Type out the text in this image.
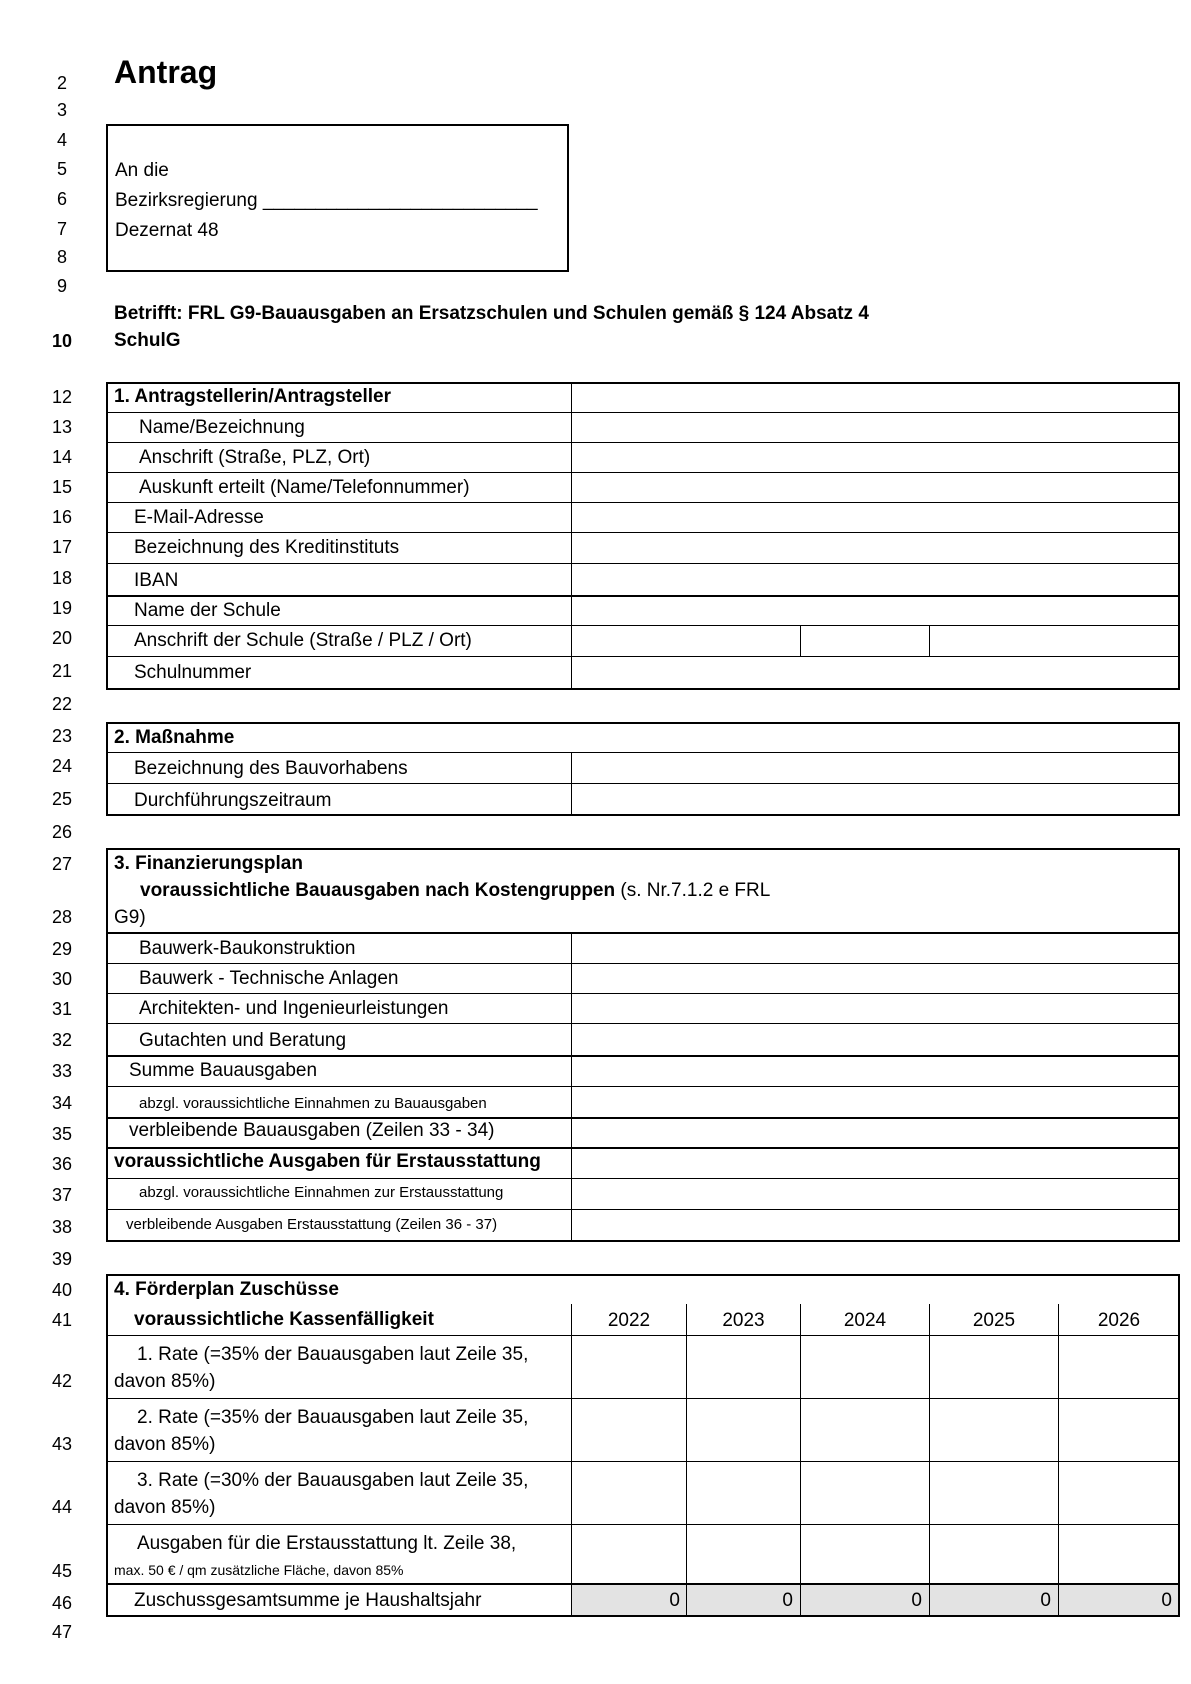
Antrag
2
3
4
5
6
7
8
9
10
12
13
14
15
16
17
18
19
20
21
22
23
24
25
26
27
28
29
30
31
32
33
34
35
36
37
38
39
40
41
42
43
44
45
46
47
An die
Bezirksregierung __________________________
Dezernat 48
Betrifft: FRL G9-Bauausgaben an Ersatzschulen und Schulen gemäß § 124 Absatz 4
SchulG
1. Antragstellerin/Antragsteller
Name/Bezeichnung
Anschrift (Straße, PLZ, Ort)
Auskunft erteilt (Name/Telefonnummer)
E-Mail-Adresse
Bezeichnung des Kreditinstituts
IBAN
Name der Schule
Anschrift der Schule (Straße / PLZ / Ort)
Schulnummer
2. Maßnahme
Bezeichnung des Bauvorhabens
Durchführungszeitraum
3. Finanzierungsplan
voraussichtliche Bauausgaben nach Kostengruppen (s. Nr.7.1.2 e FRL
G9)
Bauwerk-Baukonstruktion
Bauwerk - Technische Anlagen
Architekten- und Ingenieurleistungen
Gutachten und Beratung
Summe Bauausgaben
abzgl. voraussichtliche Einnahmen zu Bauausgaben
verbleibende Bauausgaben (Zeilen 33 - 34)
voraussichtliche Ausgaben für Erstausstattung
abzgl. voraussichtliche Einnahmen zur Erstausstattung
verbleibende Ausgaben Erstausstattung (Zeilen 36 - 37)
4. Förderplan Zuschüsse
voraussichtliche Kassenfälligkeit	2022	2023	2024	2025	2026
1. Rate (=35% der Bauausgaben laut Zeile 35,
davon 85%)
2. Rate (=35% der Bauausgaben laut Zeile 35,
davon 85%)
3. Rate (=30% der Bauausgaben laut Zeile 35,
davon 85%)
Ausgaben für die Erstausstattung lt. Zeile 38,
max. 50 € / qm zusätzliche Fläche, davon 85%
Zuschussgesamtsumme je Haushaltsjahr	0	0	0	0	0
